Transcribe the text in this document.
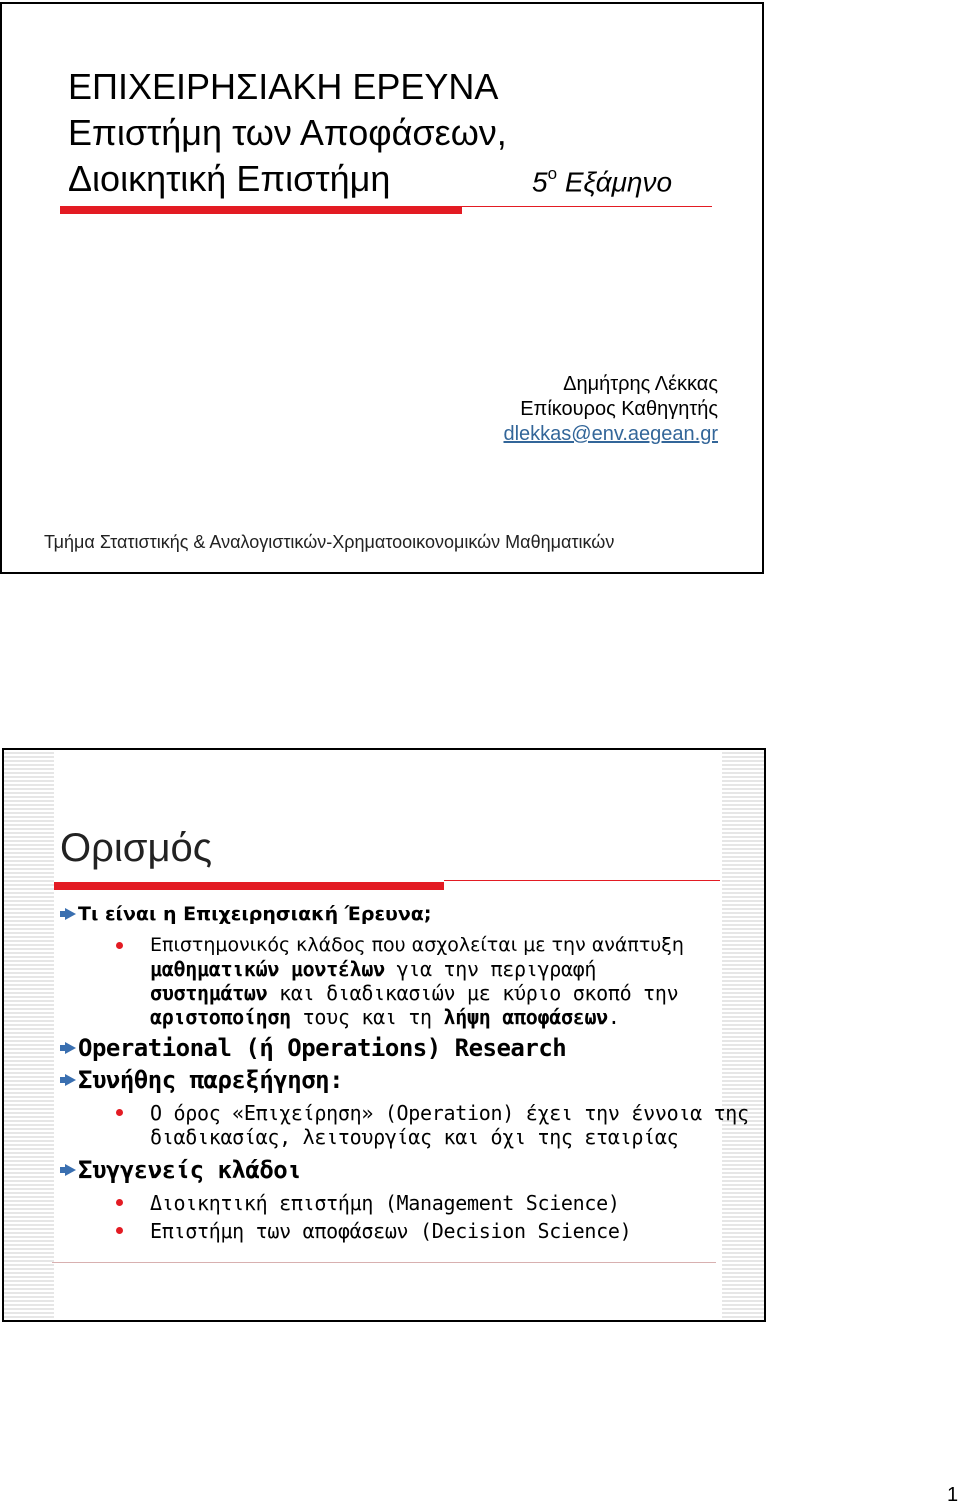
ΕΠΙΧΕΙΡΗΣΙΑΚΗ ΕΡΕΥΝΑ
Επιστήμη των Αποφάσεων,
Διοικητική Επιστήμη	$5^o$ Εξάμηνο
Δημήτρης Λέκκας
Επίκουρος Καθηγητής
dlekkas@env.aegean.gr
Τμήμα Στατιστικής & Αναλογιστικών-Χρηματοοικονομικών Μαθηματικών
Ορισμός
Τι είναι η Επιχειρησιακή Έρευνα;
Επιστημονικός κλάδος που ασχολείται με την ανάπτυξη
μαθηματικών μοντέλων για την περιγραφή
συστημάτων και διαδικασιών με κύριο σκοπό την
αριστοποίηση τους και τη λήψη αποφάσεων.
Operational (ή Operations) Research
Συνήθης παρεξήγηση:
Ο όρος «Επιχείρηση» (Operation) έχει την έννοια της
διαδικασίας, λειτουργίας και όχι της εταιρίας
Συγγενείς κλάδοι
Διοικητική επιστήμη (Management Science)
Επιστήμη των αποφάσεων (Decision Science)
1
